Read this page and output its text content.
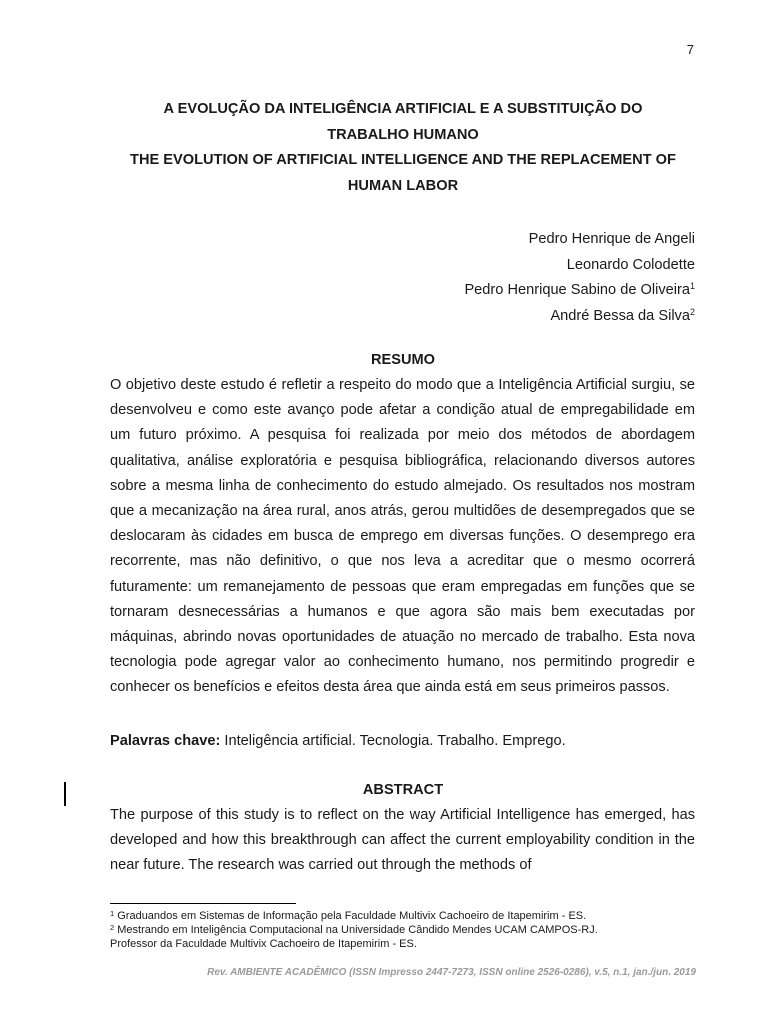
7
A EVOLUÇÃO DA INTELIGÊNCIA ARTIFICIAL E A SUBSTITUIÇÃO DO
TRABALHO HUMANO
THE EVOLUTION OF ARTIFICIAL INTELLIGENCE AND THE REPLACEMENT OF
HUMAN LABOR
Pedro Henrique de Angeli
Leonardo Colodette
Pedro Henrique Sabino de Oliveira$^1$
André Bessa da Silva$^2$
RESUMO

O objetivo deste estudo é refletir a respeito do modo que a Inteligência Artificial surgiu, se desenvolveu e como este avanço pode afetar a condição atual de empregabilidade em um futuro próximo. A pesquisa foi realizada por meio dos métodos de abordagem qualitativa, análise exploratória e pesquisa bibliográfica, relacionando diversos autores sobre a mesma linha de conhecimento do estudo almejado. Os resultados nos mostram que a mecanização na área rural, anos atrás, gerou multidões de desempregados que se deslocaram às cidades em busca de emprego em diversas funções. O desemprego era recorrente, mas não definitivo, o que nos leva a acreditar que o mesmo ocorrerá futuramente: um remanejamento de pessoas que eram empregadas em funções que se tornaram desnecessárias a humanos e que agora são mais bem executadas por máquinas, abrindo novas oportunidades de atuação no mercado de trabalho. Esta nova tecnologia pode agregar valor ao conhecimento humano, nos permitindo progredir e conhecer os benefícios e efeitos desta área que ainda está em seus primeiros passos.

Palavras chave: Inteligência artificial. Tecnologia. Trabalho. Emprego.
ABSTRACT

The purpose of this study is to reflect on the way Artificial Intelligence has emerged, has developed and how this breakthrough can affect the current employability condition in the near future. The research was carried out through the methods of

$^1$ Graduandos em Sistemas de Informação pela Faculdade Multivix Cachoeiro de Itapemirim - ES.
$^2$ Mestrando em Inteligência Computacional na Universidade Cândido Mendes UCAM CAMPOS-RJ.
Professor da Faculdade Multivix Cachoeiro de Itapemirim - ES.
Rev. AMBIENTE ACADÊMICO (ISSN Impresso 2447-7273, ISSN online 2526-0286), v.5, n.1, jan./jun. 2019
